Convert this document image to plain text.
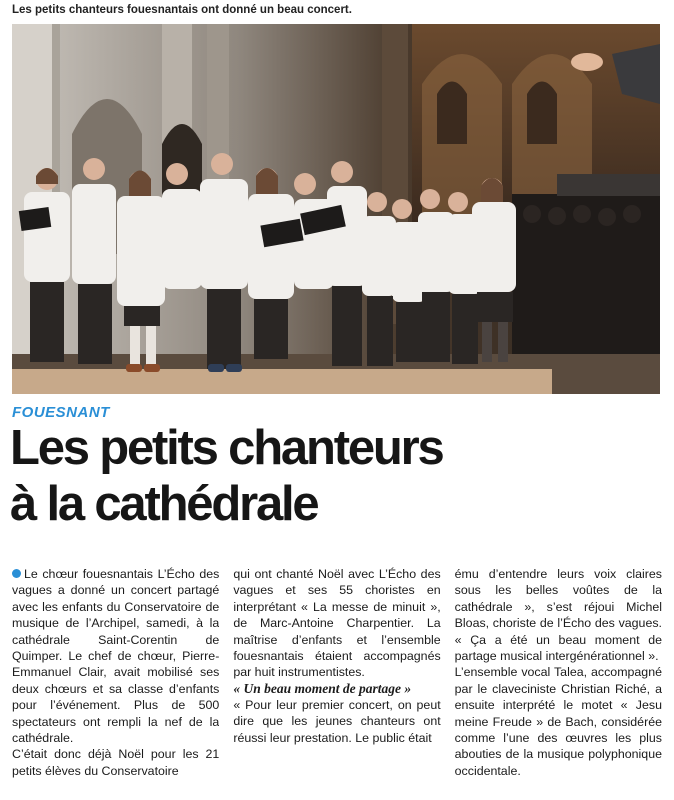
Les petits chanteurs fouesnantais ont donné un beau concert.
FOUESNANT
Les petits chanteurs
à la cathédrale

Le chœur fouesnantais L’Écho des vagues a donné un concert partagé avec les enfants du Conservatoire de musique de l’Archipel, samedi, à la cathédrale Saint-Corentin de Quimper. Le chef de chœur, Pierre-Emmanuel Clair, avait mobilisé ses deux chœurs et sa classe d’enfants pour l’événement. Plus de 500 spectateurs ont rempli la nef de la cathédrale.

C’était donc déjà Noël pour les 21 petits élèves du Conservatoire

qui ont chanté Noël avec L’Écho des vagues et ses 55 choristes en interprétant « La messe de minuit », de Marc-Antoine Charpentier. La maîtrise d’enfants et l’ensemble fouesnantais étaient accompagnés par huit instrumentistes.

« Un beau moment de partage »

« Pour leur premier concert, on peut dire que les jeunes chanteurs ont réussi leur prestation. Le public était

ému d’entendre leurs voix claires sous les belles voûtes de la cathédrale », s’est réjoui Michel Bloas, choriste de l’Écho des vagues. « Ça a été un beau moment de partage musical intergénérationnel ».

L’ensemble vocal Talea, accompagné par le claveciniste Christian Riché, a ensuite interprété le motet « Jesu meine Freude » de Bach, considérée comme l’une des œuvres les plus abouties de la musique polyphonique occidentale.
